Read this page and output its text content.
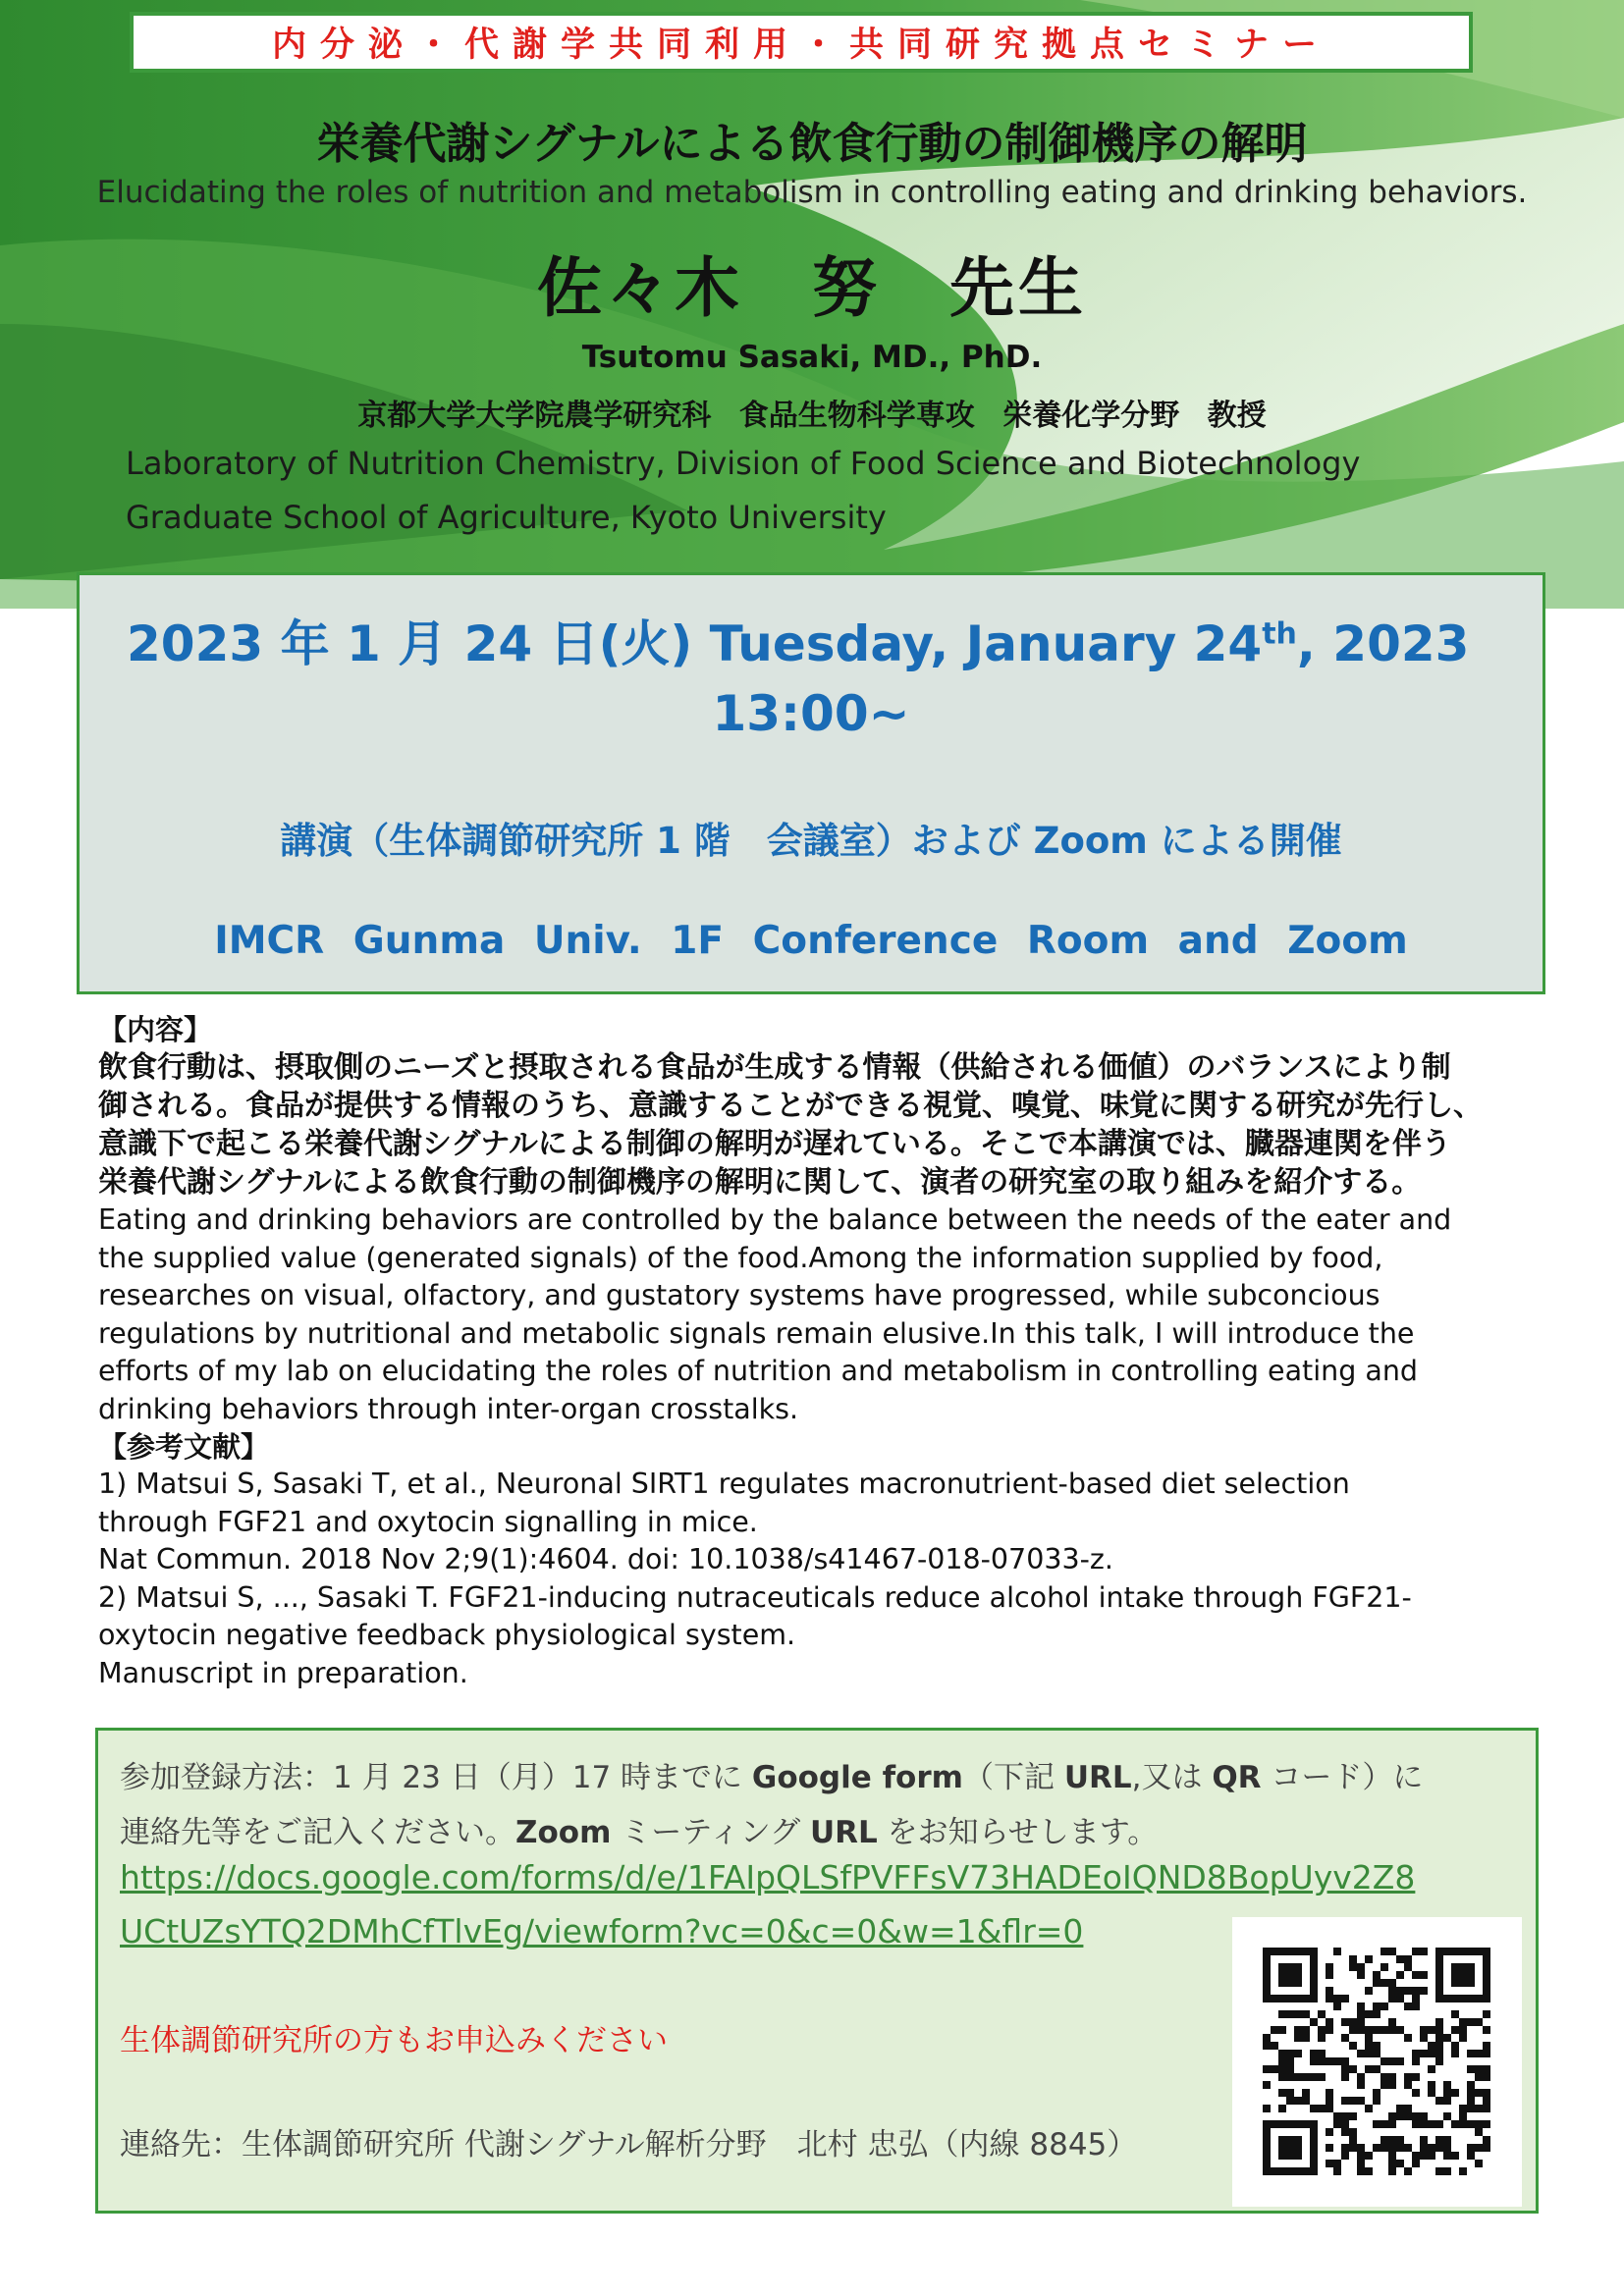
内分泌・代謝学共同利用・共同研究拠点セミナー
栄養代謝シグナルによる飲食行動の制御機序の解明
Elucidating the roles of nutrition and metabolism in controlling eating and drinking behaviors.
佐々木　努　先生
Tsutomu Sasaki, MD., PhD.
京都大学大学院農学研究科 食品生物科学専攻 栄養化学分野 教授
Laboratory of Nutrition Chemistry, Division of Food Science and Biotechnology
Graduate School of Agriculture, Kyoto University
2023 年 1 月 24 日(火) Tuesday, January 24th, 2023
13:00~
講演（生体調節研究所 1 階　会議室）および Zoom による開催
IMCR Gunma Univ. 1F Conference Room and Zoom
【内容】
飲食行動は、摂取側のニーズと摂取される食品が生成する情報（供給される価値）のバランスにより制
御される。食品が提供する情報のうち、意識することができる視覚、嗅覚、味覚に関する研究が先行し、
意識下で起こる栄養代謝シグナルによる制御の解明が遅れている。そこで本講演では、臓器連関を伴う
栄養代謝シグナルによる飲食行動の制御機序の解明に関して、演者の研究室の取り組みを紹介する。
Eating and drinking behaviors are controlled by the balance between the needs of the eater and
the supplied value (generated signals) of the food.Among the information supplied by food,
researches on visual, olfactory, and gustatory systems have progressed, while subconcious
regulations by nutritional and metabolic signals remain elusive.In this talk, I will introduce the
efforts of my lab on elucidating the roles of nutrition and metabolism in controlling eating and
drinking behaviors through inter-organ crosstalks.
【参考文献】
1) Matsui S, Sasaki T, et al., Neuronal SIRT1 regulates macronutrient-based diet selection
through FGF21 and oxytocin signalling in mice.
Nat Commun. 2018 Nov 2;9(1):4604. doi: 10.1038/s41467-018-07033-z.
2) Matsui S, ..., Sasaki T. FGF21-inducing nutraceuticals reduce alcohol intake through FGF21-
oxytocin negative feedback physiological system.
Manuscript in preparation.
参加登録方法：1 月 23 日（月）17 時までに Google form（下記 URL,又は QR コード）に
連絡先等をご記入ください。Zoom ミーティング URL をお知らせします。
https://docs.google.com/forms/d/e/1FAIpQLSfPVFFsV73HADEoIQND8BopUyv2Z8
UCtUZsYTQ2DMhCfTlvEg/viewform?vc=0&c=0&w=1&flr=0
生体調節研究所の方もお申込みください
連絡先：生体調節研究所 代謝シグナル解析分野　北村 忠弘（内線 8845）
